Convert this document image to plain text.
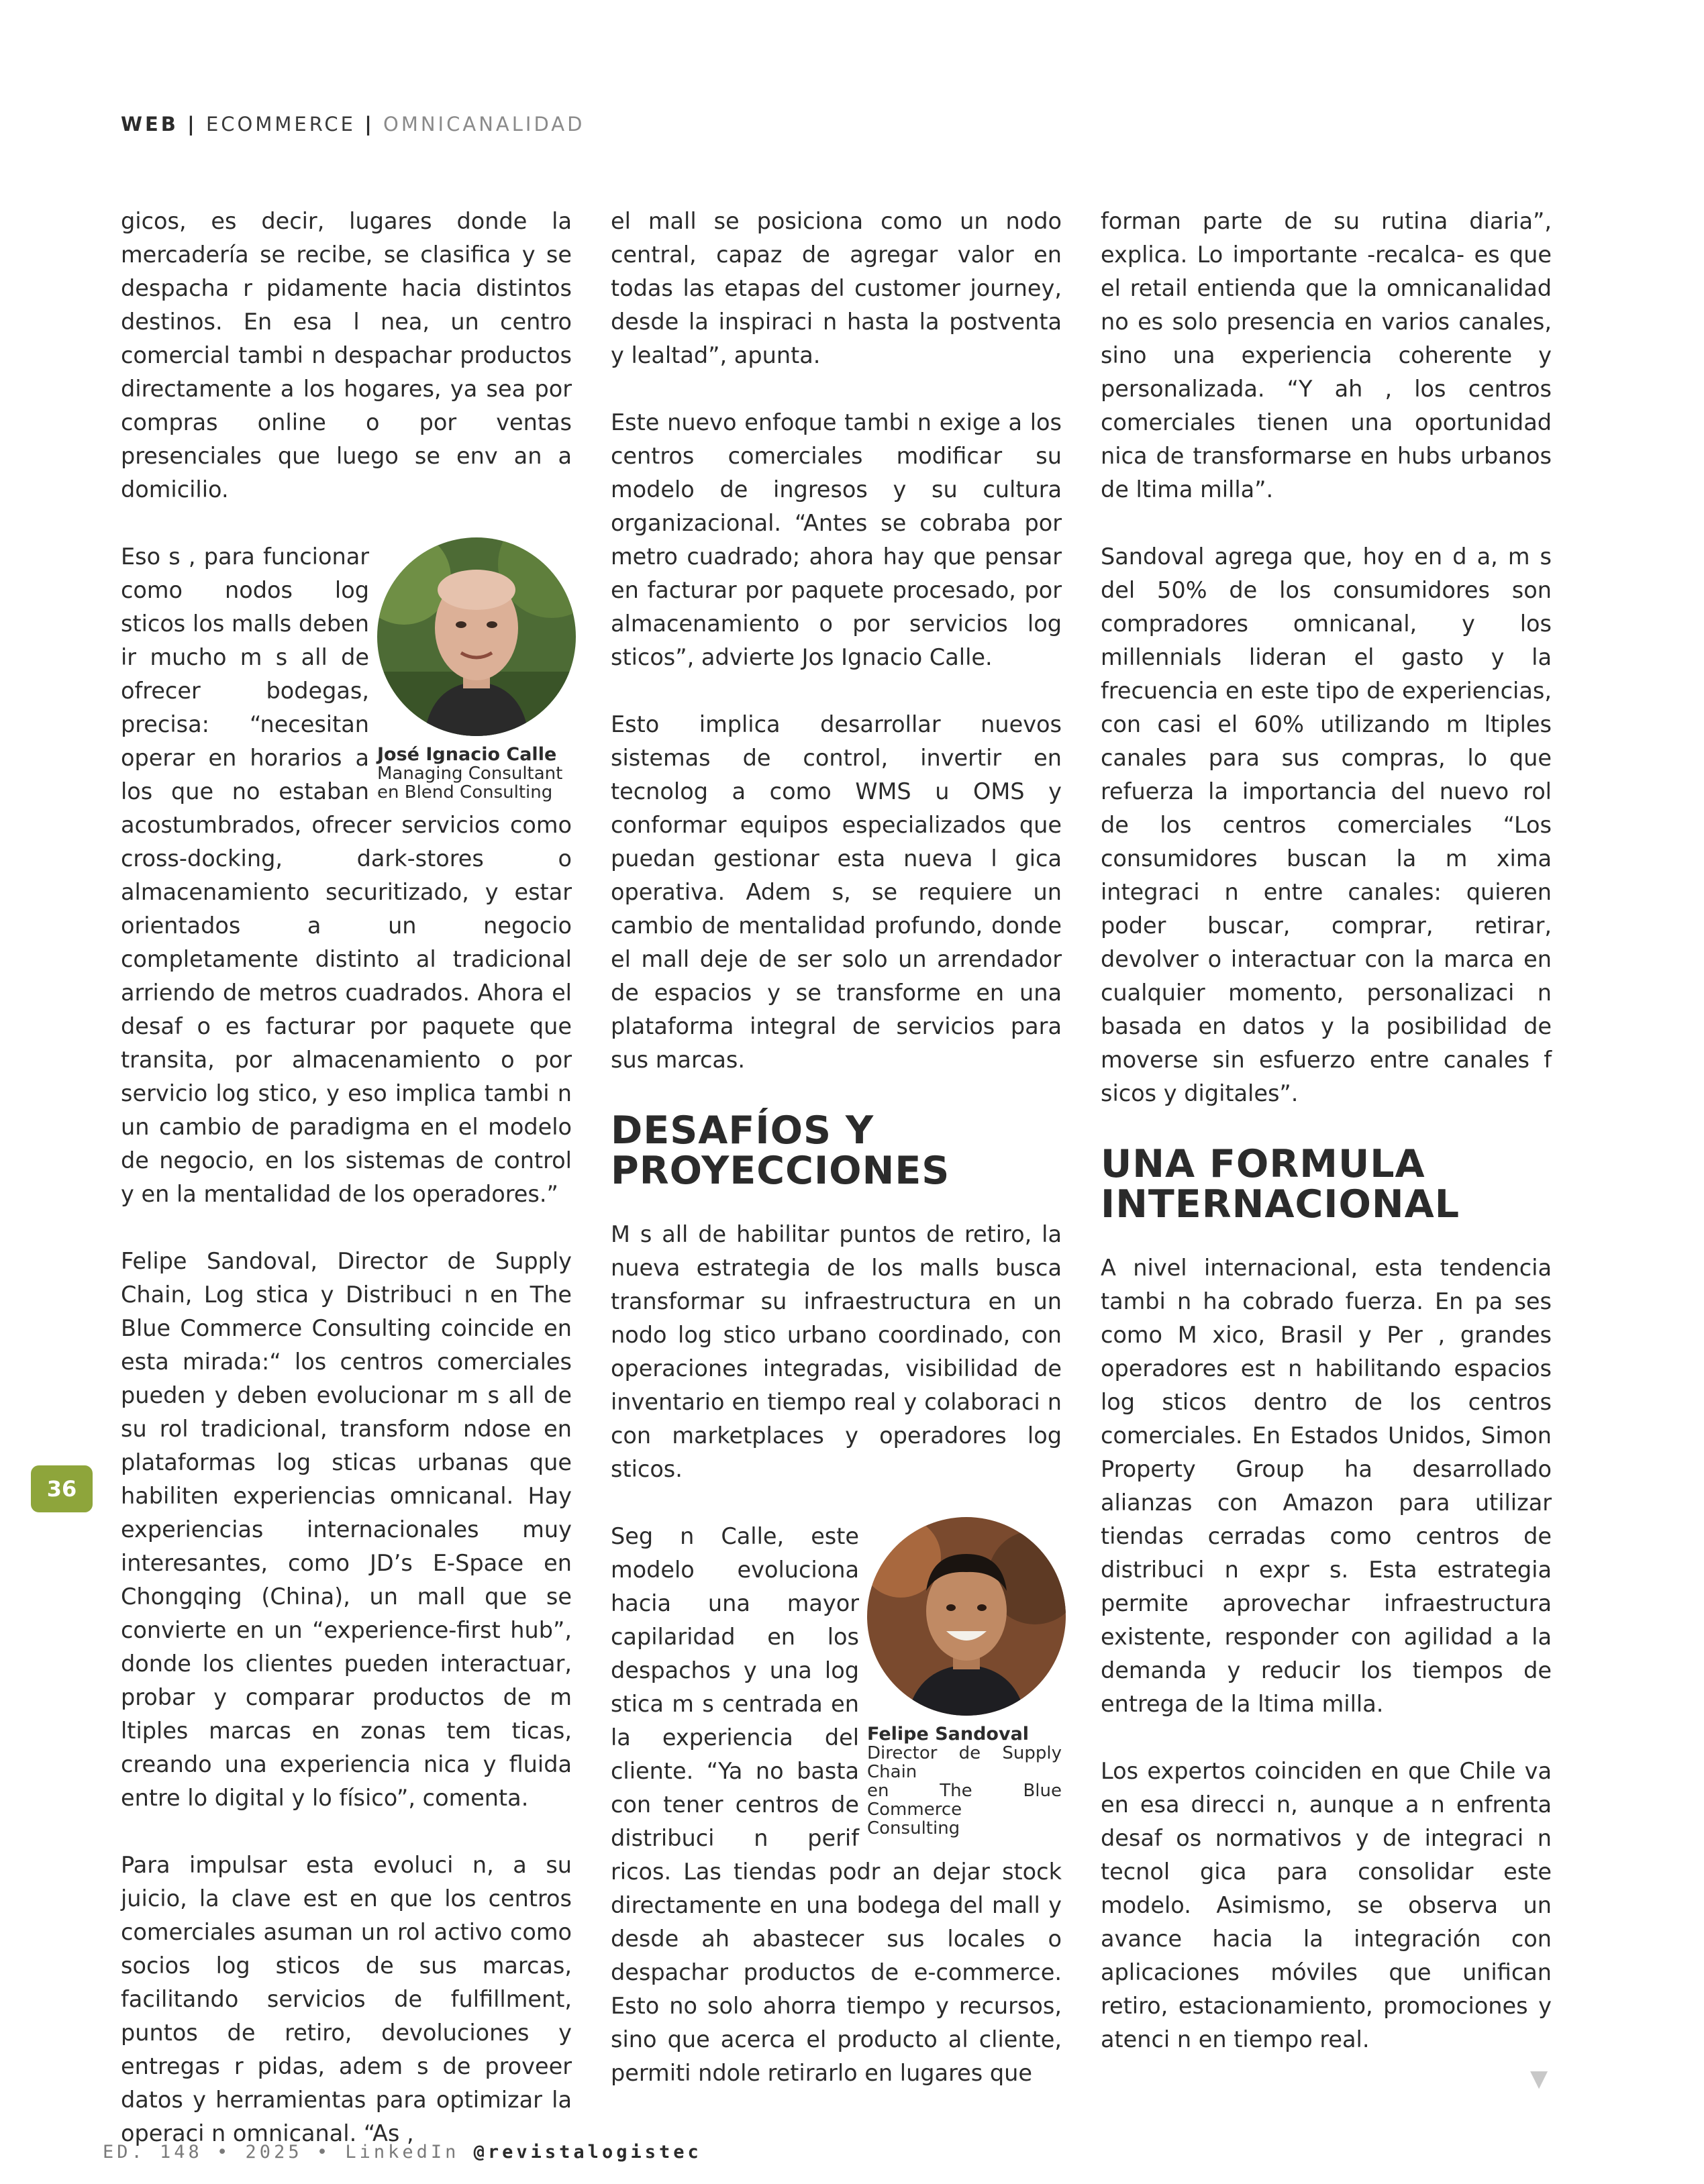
WEB | ECOMMERCE | OMNICANALIDAD

gicos, es decir, lugares donde la mercadería se recibe, se clasifica y se despacha r pidamente hacia distintos destinos. En esa l nea, un centro comercial tambi n despachar productos directamente a los hogares, ya sea por compras online o por ventas presenciales que luego se env an a domicilio.

José Ignacio Calle
Managing Consultant
en Blend Consulting

Eso s , para funcionar como nodos log sticos los malls deben ir mucho m s all de ofrecer bodegas, precisa: “necesitan operar en horarios a los que no estaban acostumbrados, ofrecer servicios como cross-docking, dark-stores o almacenamiento securitizado, y estar orientados a un negocio completamente distinto al tradicional arriendo de metros cuadrados. Ahora el desaf o es facturar por paquete que transita, por almacenamiento o por servicio log stico, y eso implica tambi n un cambio de paradigma en el modelo de negocio, en los sistemas de control y en la mentalidad de los operadores.”

Felipe Sandoval, Director de Supply Chain, Log stica y Distribuci n en The Blue Commerce Consulting coincide en esta mirada:“ los centros comerciales pueden y deben evolucionar m s all de su rol tradicional, transform ndose en plataformas log sticas urbanas que habiliten experiencias omnicanal. Hay experiencias internacionales muy interesantes, como JD’s E-Space en Chongqing (China), un mall que se convierte en un “experience-first hub”, donde los clientes pueden interactuar, probar y comparar productos de m ltiples marcas en zonas tem ticas, creando una experiencia nica y fluida entre lo digital y lo físico”, comenta.

Para impulsar esta evoluci n, a su juicio, la clave est en que los centros comerciales asuman un rol activo como socios log sticos de sus marcas, facilitando servicios de fulfillment, puntos de retiro, devoluciones y entregas r pidas, adem s de proveer datos y herramientas para optimizar la operaci n omnicanal. “As ,

el mall se posiciona como un nodo central, capaz de agregar valor en todas las etapas del customer journey, desde la inspiraci n hasta la postventa y lealtad”, apunta.

Este nuevo enfoque tambi n exige a los centros comerciales modificar su modelo de ingresos y su cultura organizacional. “Antes se cobraba por metro cuadrado; ahora hay que pensar en facturar por paquete procesado, por almacenamiento o por servicios log sticos”, advierte Jos Ignacio Calle.

Esto implica desarrollar nuevos sistemas de control, invertir en tecnolog a como WMS u OMS y conformar equipos especializados que puedan gestionar esta nueva l gica operativa. Adem s, se requiere un cambio de mentalidad profundo, donde el mall deje de ser solo un arrendador de espacios y se transforme en una plataforma integral de servicios para sus marcas.

DESAFÍOS Y PROYECCIONES

M s all de habilitar puntos de retiro, la nueva estrategia de los malls busca transformar su infraestructura en un nodo log stico urbano coordinado, con operaciones integradas, visibilidad de inventario en tiempo real y colaboraci n con marketplaces y operadores log sticos.

Felipe Sandoval
Director de Supply Chain
en The Blue Commerce
Consulting

Seg n Calle, este modelo evoluciona hacia una mayor capilaridad en los despachos y una log stica m s centrada en la experiencia del cliente. “Ya no basta con tener centros de distribuci n perif ricos. Las tiendas podr an dejar stock directamente en una bodega del mall y desde ah abastecer sus locales o despachar productos de e-commerce. Esto no solo ahorra tiempo y recursos, sino que acerca el producto al cliente, permiti ndole retirarlo en lugares que

forman parte de su rutina diaria”, explica. Lo importante -recalca- es que el retail entienda que la omnicanalidad no es solo presencia en varios canales, sino una experiencia coherente y personalizada. “Y ah , los centros comerciales tienen una oportunidad nica de transformarse en hubs urbanos de ltima milla”.

Sandoval agrega que, hoy en d a, m s del 50% de los consumidores son compradores omnicanal, y los millennials lideran el gasto y la frecuencia en este tipo de experiencias, con casi el 60% utilizando m ltiples canales para sus compras, lo que refuerza la importancia del nuevo rol de los centros comerciales “Los consumidores buscan la m xima integraci n entre canales: quieren poder buscar, comprar, retirar, devolver o interactuar con la marca en cualquier momento, personalizaci n basada en datos y la posibilidad de moverse sin esfuerzo entre canales f sicos y digitales”.

UNA FORMULA INTERNACIONAL

A nivel internacional, esta tendencia tambi n ha cobrado fuerza. En pa ses como M xico, Brasil y Per , grandes operadores est n habilitando espacios log sticos dentro de los centros comerciales. En Estados Unidos, Simon Property Group ha desarrollado alianzas con Amazon para utilizar tiendas cerradas como centros de distribuci n expr s. Esta estrategia permite aprovechar infraestructura existente, responder con agilidad a la demanda y reducir los tiempos de entrega de la ltima milla.

Los expertos coinciden en que Chile va en esa direcci n, aunque a n enfrenta desaf os normativos y de integraci n tecnol gica para consolidar este modelo. Asimismo, se observa un avance hacia la integración con aplicaciones móviles que unifican retiro, estacionamiento, promociones y atenci n en tiempo real.

36
ED. 148 • 2025 • LinkedIn @revistalogistec
▼
